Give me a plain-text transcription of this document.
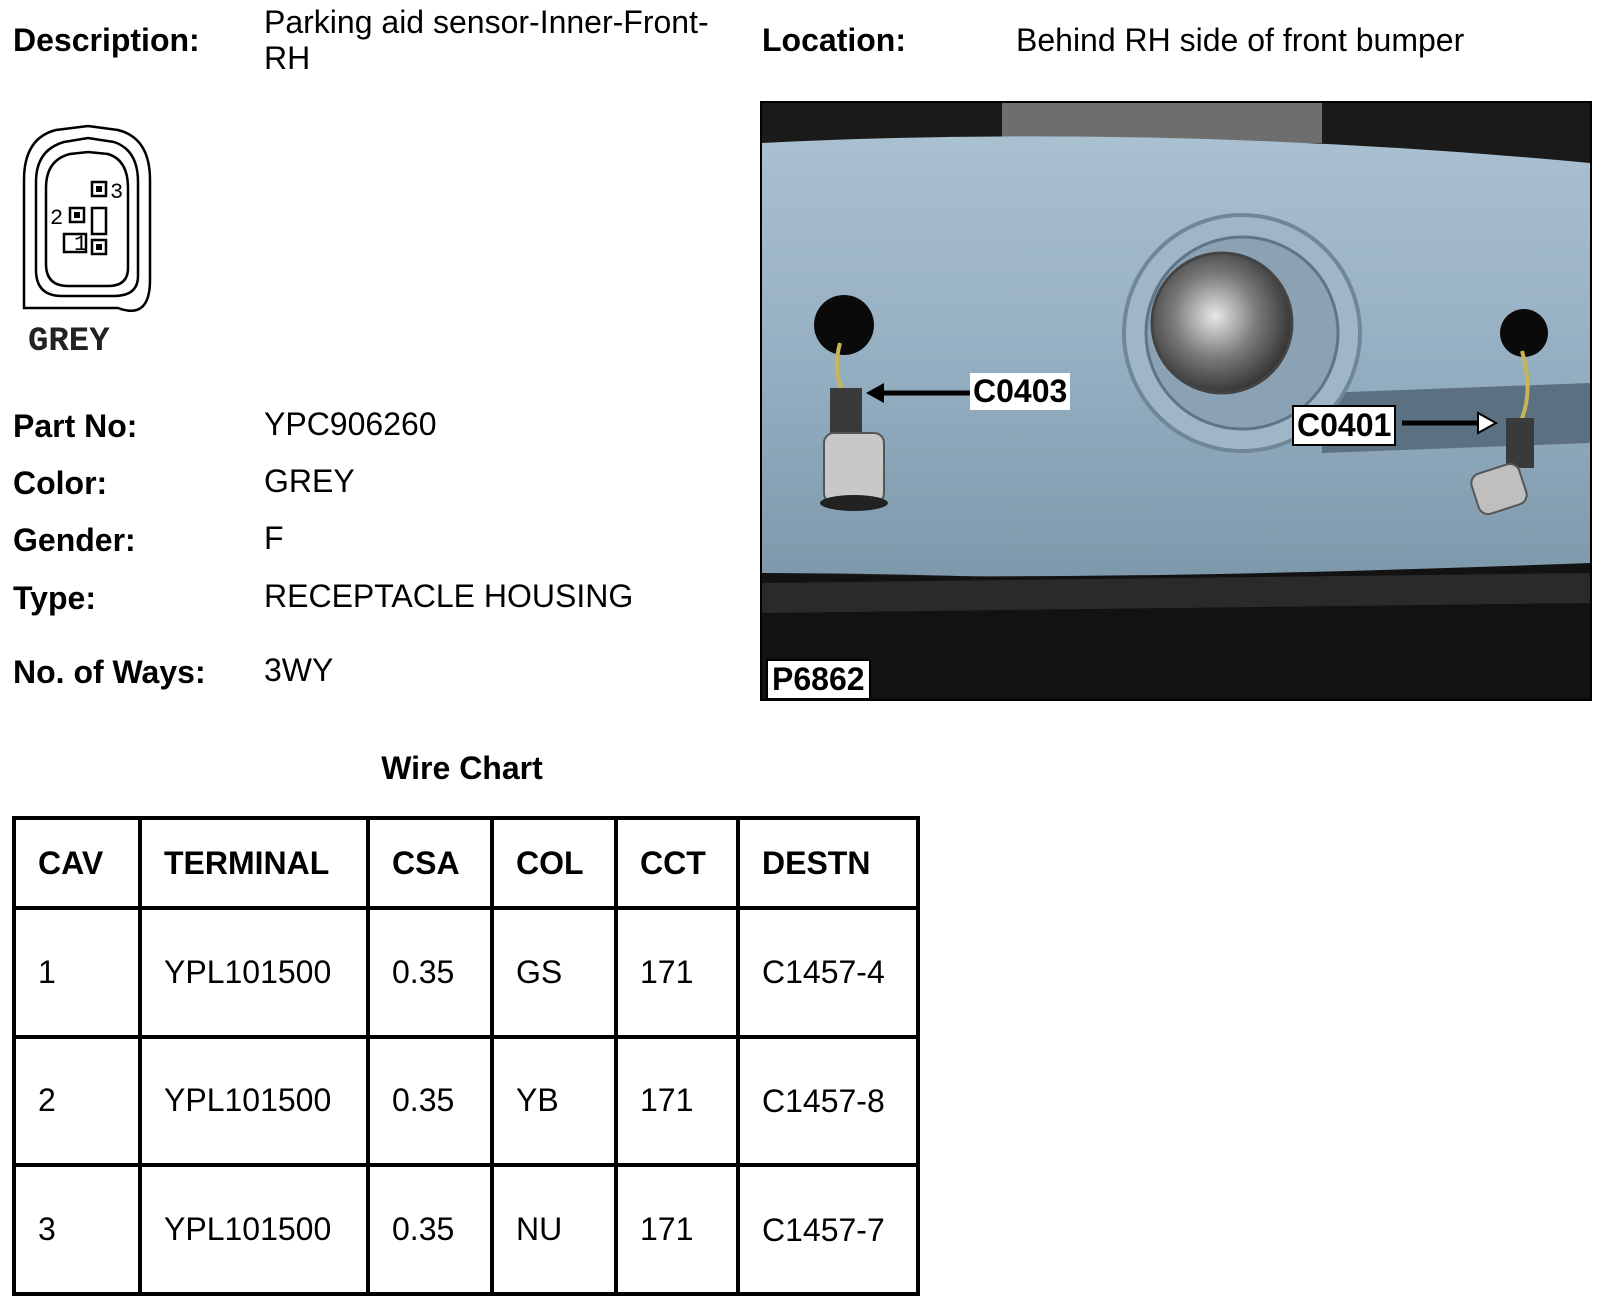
Description: Parking aid sensor-Inner-Front-RH	Location:	Behind RH side of front bumper
3
2
1
GREY
Part No:	YPC906260
Color:	GREY
Gender:	F
Type:	RECEPTACLE HOUSING
No. of Ways: 3WY
C0403
C0401
P6862
Wire Chart
CAV	TERMINAL	CSA	COL	CCT	DESTN
1	YPL101500	0.35	GS	171	C1457-4
2	YPL101500	0.35	YB	171	C1457-8
3	YPL101500	0.35	NU	171	C1457-7
